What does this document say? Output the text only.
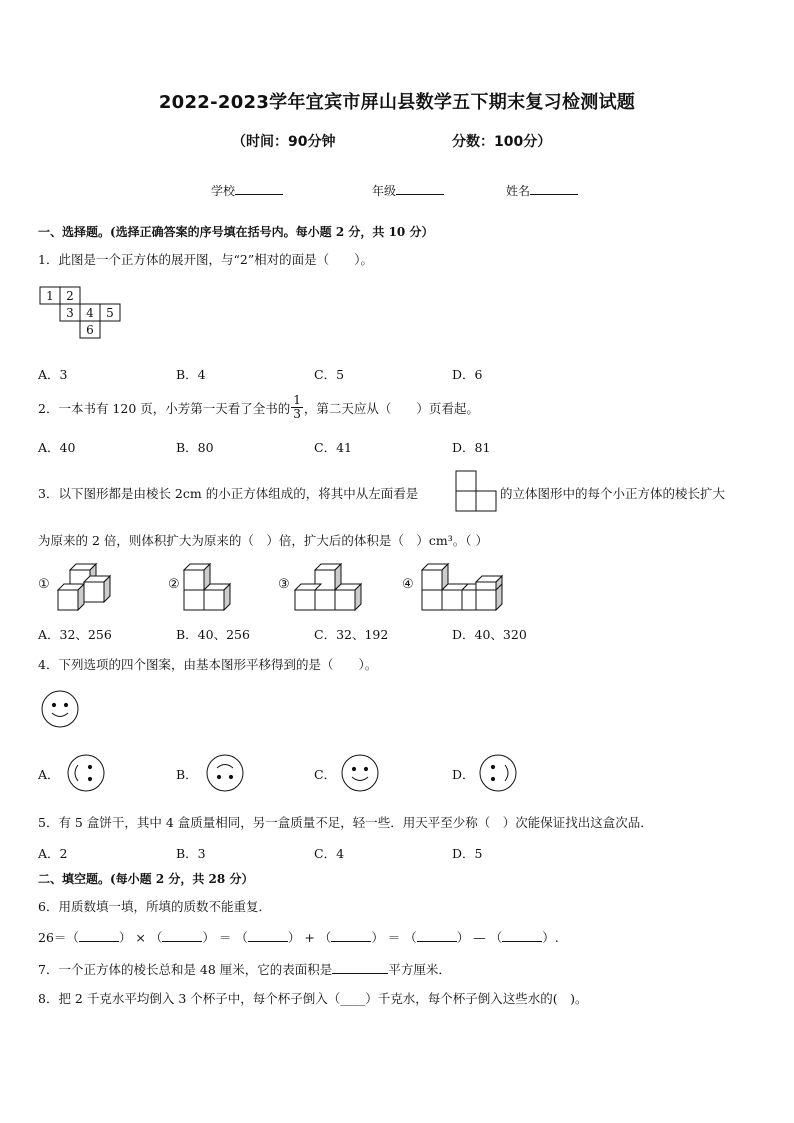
2022-2023学年宜宾市屏山县数学五下期末复习检测试题
（时间：90分钟	分数：100分）
学校	年级	姓名
一、选择题。(选择正确答案的序号填在括号内。每小题 2 分，共 10 分）
1．此图是一个正方体的展开图，与“2”相对的面是（　　）。
1 2
3 4 5
6
A．3	B．4	C．5	D．6
2．一本书有 120 页，小芳第一天看了全书的 $\frac{1}{3}$ ，第二天应从（　　）页看起。
A．40	B．80	C．41	D．81
3．以下图形都是由棱长 2cm 的小正方体组成的，将其中从左面看是	的立体图形中的每个小正方体的棱长扩大
为原来的 2 倍，则体积扩大为原来的（　）倍，扩大后的体积是（　）cm³。（ ）
①	②	③	④
A．32、256	B．40、256	C．32、192	D．40、320
4．下列选项的四个图案，由基本图形平移得到的是（　　）。
A．	B．	C．	D．
5．有 5 盒饼干，其中 4 盒质量相同，另一盒质量不足，轻一些．用天平至少称（　）次能保证找出这盒次品．
A．2	B．3	C．4	D．5
二、填空题。(每小题 2 分，共 28 分）
6．用质数填一填，所填的质数不能重复．
26＝（	） × （	） ＝ （	） + （	） ＝ （	） — （	）.
7．一个正方体的棱长总和是 48 厘米，它的表面积是	平方厘米．
8．把 2 千克水平均倒入 3 个杯子中，每个杯子倒入（____）千克水，每个杯子倒入这些水的(　)。
